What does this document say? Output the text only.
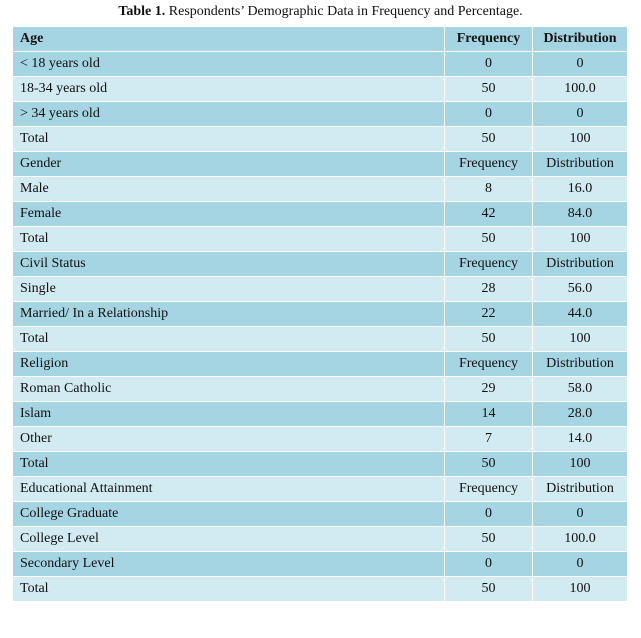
Table 1. Respondents’ Demographic Data in Frequency and Percentage.
Age	Frequency	Distribution
< 18 years old	0	0
18-34 years old	50	100.0
> 34 years old	0	0
Total	50	100
Gender	Frequency	Distribution
Male	8	16.0
Female	42	84.0
Total	50	100
Civil Status	Frequency	Distribution
Single	28	56.0
Married/ In a Relationship	22	44.0
Total	50	100
Religion	Frequency	Distribution
Roman Catholic	29	58.0
Islam	14	28.0
Other	7	14.0
Total	50	100
Educational Attainment	Frequency	Distribution
College Graduate	0	0
College Level	50	100.0
Secondary Level	0	0
Total	50	100
